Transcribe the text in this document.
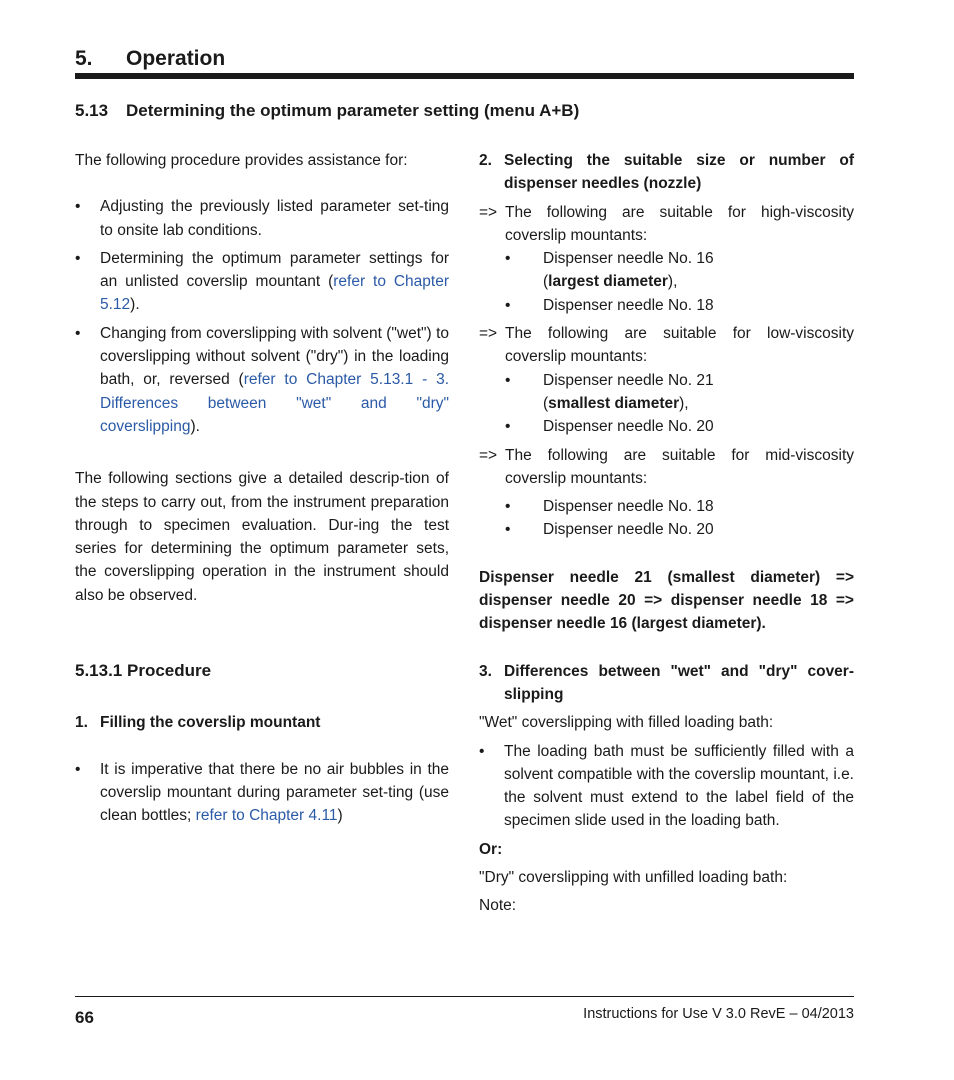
5. Operation
5.13 Determining the optimum parameter setting (menu A+B)

The following procedure provides assistance for:

•	Adjusting the previously listed parameter set-ting to onsite lab conditions.
•	Determining the optimum parameter settings for an unlisted coverslip mountant (refer to Chapter 5.12).
•	Changing from coverslipping with solvent ("wet") to coverslipping without solvent ("dry") in the loading bath, or, reversed (refer to Chapter 5.13.1 - 3. Differences between "wet" and "dry" coverslipping).

The following sections give a detailed descrip-tion of the steps to carry out, from the instrument preparation through to specimen evaluation. Dur-ing the test series for determining the optimum parameter sets, the coverslipping operation in the instrument should also be observed.

5.13.1 Procedure

1. Filling the coverslip mountant
•	It is imperative that there be no air bubbles in the coverslip mountant during parameter set-ting (use clean bottles; refer to Chapter 4.11)
2. Selecting the suitable size or number of dispenser needles (nozzle)
=> The following are suitable for high-viscosity coverslip mountants:
•	Dispenser needle No. 16
(largest diameter),
•	Dispenser needle No. 18
=> The following are suitable for low-viscosity coverslip mountants:
•	Dispenser needle No. 21
(smallest diameter),
•	Dispenser needle No. 20
=> The following are suitable for mid-viscosity coverslip mountants:
•	Dispenser needle No. 18
•	Dispenser needle No. 20

Dispenser needle 21 (smallest diameter) => dispenser needle 20 => dispenser needle 18 => dispenser needle 16 (largest diameter).

3. Differences between "wet" and "dry" cover-slipping

"Wet" coverslipping with filled loading bath:

•	The loading bath must be sufficiently filled with a solvent compatible with the coverslip mountant, i.e. the solvent must extend to the label field of the specimen slide used in the loading bath.

Or:

"Dry" coverslipping with unfilled loading bath:

Note:

66	Instructions for Use V 3.0 RevE – 04/2013
